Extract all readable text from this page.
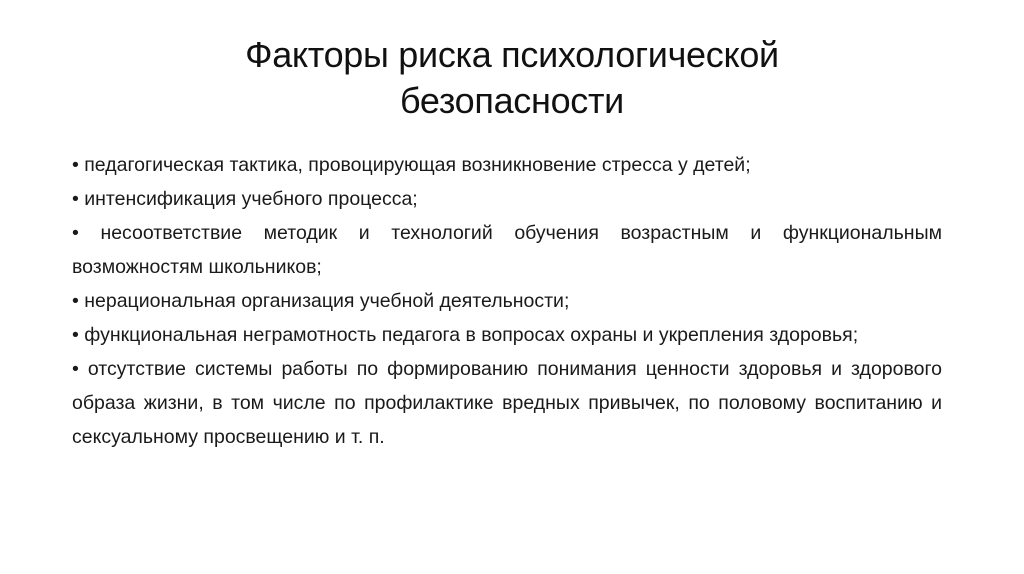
Факторы риска психологической
безопасности
• педагогическая тактика, провоцирующая возникновение стресса у детей;
• интенсификация учебного процесса;
• несоответствие методик и технологий обучения возрастным и функциональным возможностям школьников;
• нерациональная организация учебной деятельности;
• функциональная неграмотность педагога в вопросах охраны и укрепления здоровья;
• отсутствие системы работы по формированию понимания ценности здоровья и здорового образа жизни, в том числе по профилактике вредных привычек, по половому воспитанию и сексуальному просвещению и т. п.
